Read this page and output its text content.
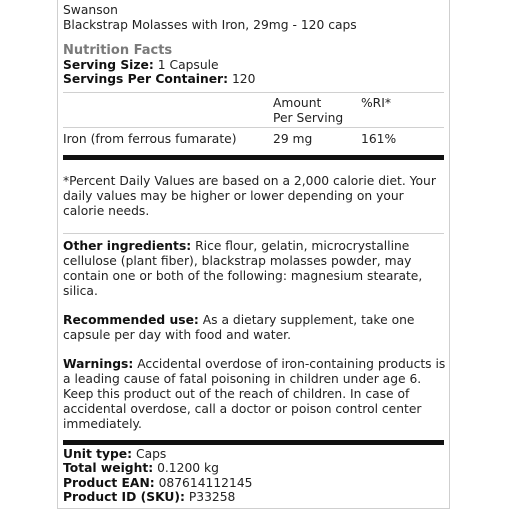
Swanson
Blackstrap Molasses with Iron, 29mg - 120 caps
Nutrition Facts
Serving Size: 1 Capsule
Servings Per Container: 120
Amount
Per Serving
%RI*
Iron (from ferrous fumarate)	29 mg	161%
*Percent Daily Values are based on a 2,000 calorie diet. Your daily values may be higher or lower depending on your calorie needs.
Other ingredients: Rice flour, gelatin, microcrystalline cellulose (plant fiber), blackstrap molasses powder, may contain one or both of the following: magnesium stearate, silica.
Recommended use: As a dietary supplement, take one capsule per day with food and water.
Warnings: Accidental overdose of iron-containing products is a leading cause of fatal poisoning in children under age 6. Keep this product out of the reach of children. In case of accidental overdose, call a doctor or poison control center immediately.
Unit type: Caps
Total weight: 0.1200 kg
Product EAN: 087614112145
Product ID (SKU): P33258
